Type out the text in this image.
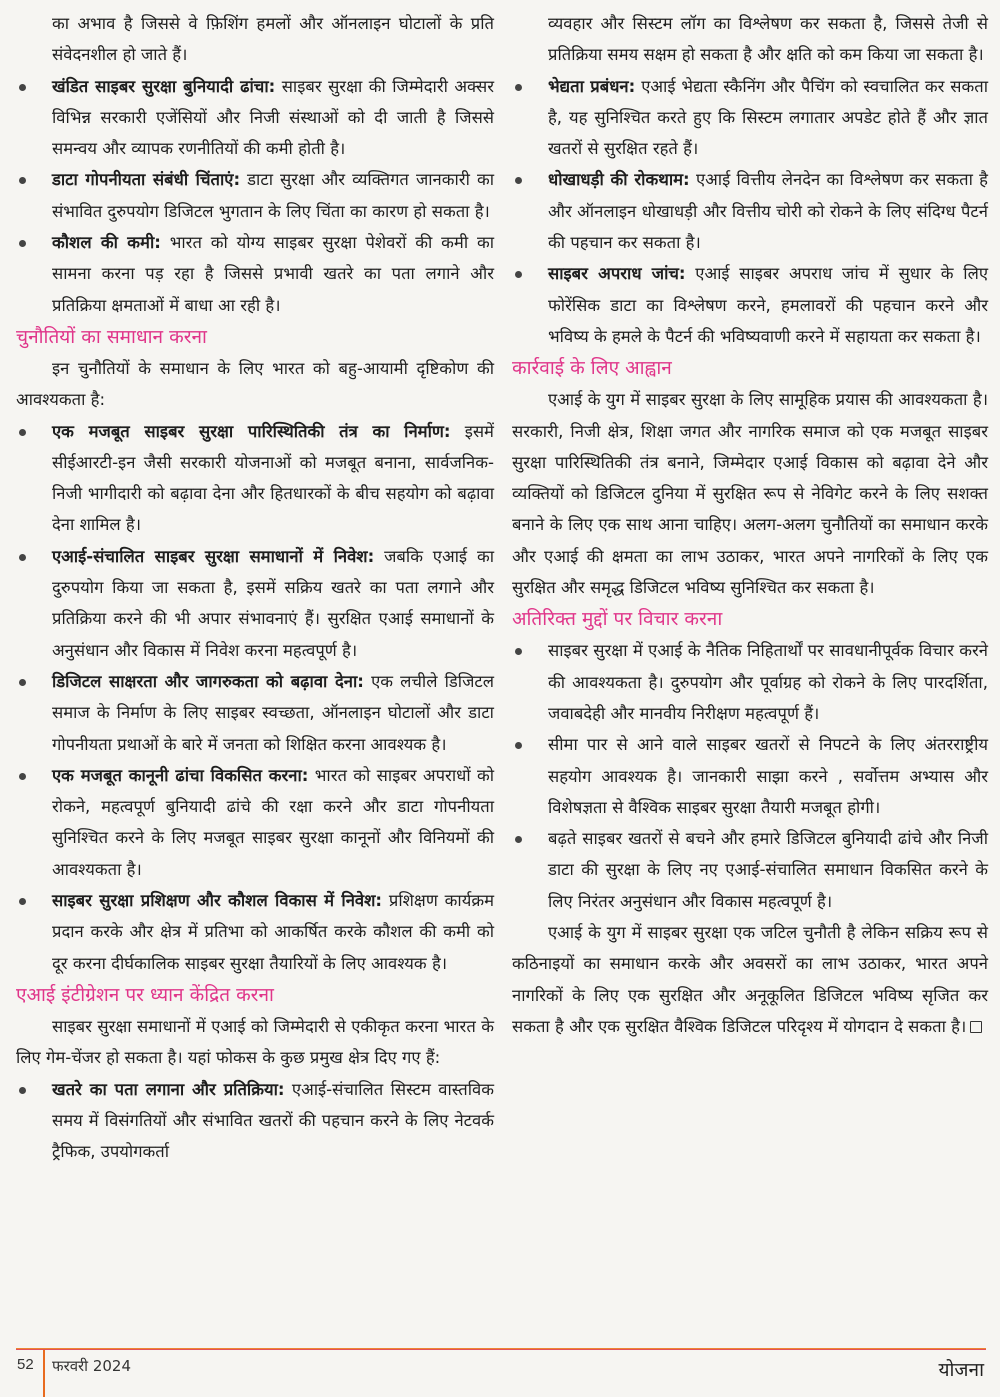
का अभाव है जिससे वे फ़िशिंग हमलों और ऑनलाइन घोटालों के प्रति संवेदनशील हो जाते हैं।

खंडित साइबर सुरक्षा बुनियादी ढांचा: साइबर सुरक्षा की जिम्मेदारी अक्सर विभिन्न सरकारी एजेंसियों और निजी संस्थाओं को दी जाती है जिससे समन्वय और व्यापक रणनीतियों की कमी होती है।
डाटा गोपनीयता संबंधी चिंताएं: डाटा सुरक्षा और व्यक्तिगत जानकारी का संभावित दुरुपयोग डिजिटल भुगतान के लिए चिंता का कारण हो सकता है।
कौशल की कमी: भारत को योग्य साइबर सुरक्षा पेशेवरों की कमी का सामना करना पड़ रहा है जिससे प्रभावी खतरे का पता लगाने और प्रतिक्रिया क्षमताओं में बाधा आ रही है।
चुनौतियों का समाधान करना

इन चुनौतियों के समाधान के लिए भारत को बहु-आयामी दृष्टिकोण की आवश्यकता है:

एक मजबूत साइबर सुरक्षा पारिस्थितिकी तंत्र का निर्माण: इसमें सीईआरटी-इन जैसी सरकारी योजनाओं को मजबूत बनाना, सार्वजनिक-निजी भागीदारी को बढ़ावा देना और हितधारकों के बीच सहयोग को बढ़ावा देना शामिल है।
एआई-संचालित साइबर सुरक्षा समाधानों में निवेश: जबकि एआई का दुरुपयोग किया जा सकता है, इसमें सक्रिय खतरे का पता लगाने और प्रतिक्रिया करने की भी अपार संभावनाएं हैं। सुरक्षित एआई समाधानों के अनुसंधान और विकास में निवेश करना महत्वपूर्ण है।
डिजिटल साक्षरता और जागरुकता को बढ़ावा देना: एक लचीले डिजिटल समाज के निर्माण के लिए साइबर स्वच्छता, ऑनलाइन घोटालों और डाटा गोपनीयता प्रथाओं के बारे में जनता को शिक्षित करना आवश्यक है।
एक मजबूत कानूनी ढांचा विकसित करना: भारत को साइबर अपराधों को रोकने, महत्वपूर्ण बुनियादी ढांचे की रक्षा करने और डाटा गोपनीयता सुनिश्चित करने के लिए मजबूत साइबर सुरक्षा कानूनों और विनियमों की आवश्यकता है।
साइबर सुरक्षा प्रशिक्षण और कौशल विकास में निवेश: प्रशिक्षण कार्यक्रम प्रदान करके और क्षेत्र में प्रतिभा को आकर्षित करके कौशल की कमी को दूर करना दीर्घकालिक साइबर सुरक्षा तैयारियों के लिए आवश्यक है।
एआई इंटीग्रेशन पर ध्यान केंद्रित करना

साइबर सुरक्षा समाधानों में एआई को जिम्मेदारी से एकीकृत करना भारत के लिए गेम-चेंजर हो सकता है। यहां फोकस के कुछ प्रमुख क्षेत्र दिए गए हैं:

खतरे का पता लगाना और प्रतिक्रिया: एआई-संचालित सिस्टम वास्तविक समय में विसंगतियों और संभावित खतरों की पहचान करने के लिए नेटवर्क ट्रैफिक, उपयोगकर्ता

व्यवहार और सिस्टम लॉग का विश्लेषण कर सकता है, जिससे तेजी से प्रतिक्रिया समय सक्षम हो सकता है और क्षति को कम किया जा सकता है।

भेद्यता प्रबंधन: एआई भेद्यता स्कैनिंग और पैचिंग को स्वचालित कर सकता है, यह सुनिश्चित करते हुए कि सिस्टम लगातार अपडेट होते हैं और ज्ञात खतरों से सुरक्षित रहते हैं।
धोखाधड़ी की रोकथाम: एआई वित्तीय लेनदेन का विश्लेषण कर सकता है और ऑनलाइन धोखाधड़ी और वित्तीय चोरी को रोकने के लिए संदिग्ध पैटर्न की पहचान कर सकता है।
साइबर अपराध जांच: एआई साइबर अपराध जांच में सुधार के लिए फोरेंसिक डाटा का विश्लेषण करने, हमलावरों की पहचान करने और भविष्य के हमले के पैटर्न की भविष्यवाणी करने में सहायता कर सकता है।
कार्रवाई के लिए आह्वान

एआई के युग में साइबर सुरक्षा के लिए सामूहिक प्रयास की आवश्यकता है। सरकारी, निजी क्षेत्र, शिक्षा जगत और नागरिक समाज को एक मजबूत साइबर सुरक्षा पारिस्थितिकी तंत्र बनाने, जिम्मेदार एआई विकास को बढ़ावा देने और व्यक्तियों को डिजिटल दुनिया में सुरक्षित रूप से नेविगेट करने के लिए सशक्त बनाने के लिए एक साथ आना चाहिए। अलग-अलग चुनौतियों का समाधान करके और एआई की क्षमता का लाभ उठाकर, भारत अपने नागरिकों के लिए एक सुरक्षित और समृद्ध डिजिटल भविष्य सुनिश्चित कर सकता है।

अतिरिक्त मुद्दों पर विचार करना
साइबर सुरक्षा में एआई के नैतिक निहितार्थों पर सावधानीपूर्वक विचार करने की आवश्यकता है। दुरुपयोग और पूर्वाग्रह को रोकने के लिए पारदर्शिता, जवाबदेही और मानवीय निरीक्षण महत्वपूर्ण हैं।
सीमा पार से आने वाले साइबर खतरों से निपटने के लिए अंतरराष्ट्रीय सहयोग आवश्यक है। जानकारी साझा करने , सर्वोत्तम अभ्यास और विशेषज्ञता से वैश्विक साइबर सुरक्षा तैयारी मजबूत होगी।
बढ़ते साइबर खतरों से बचने और हमारे डिजिटल बुनियादी ढांचे और निजी डाटा की सुरक्षा के लिए नए एआई-संचालित समाधान विकसित करने के लिए निरंतर अनुसंधान और विकास महत्वपूर्ण है।

एआई के युग में साइबर सुरक्षा एक जटिल चुनौती है लेकिन सक्रिय रूप से कठिनाइयों का समाधान करके और अवसरों का लाभ उठाकर, भारत अपने नागरिकों के लिए एक सुरक्षित और अनूकूलित डिजिटल भविष्य सृजित कर सकता है और एक सुरक्षित वैश्विक डिजिटल परिदृश्य में योगदान दे सकता है।

52 फरवरी 2024	योजना
